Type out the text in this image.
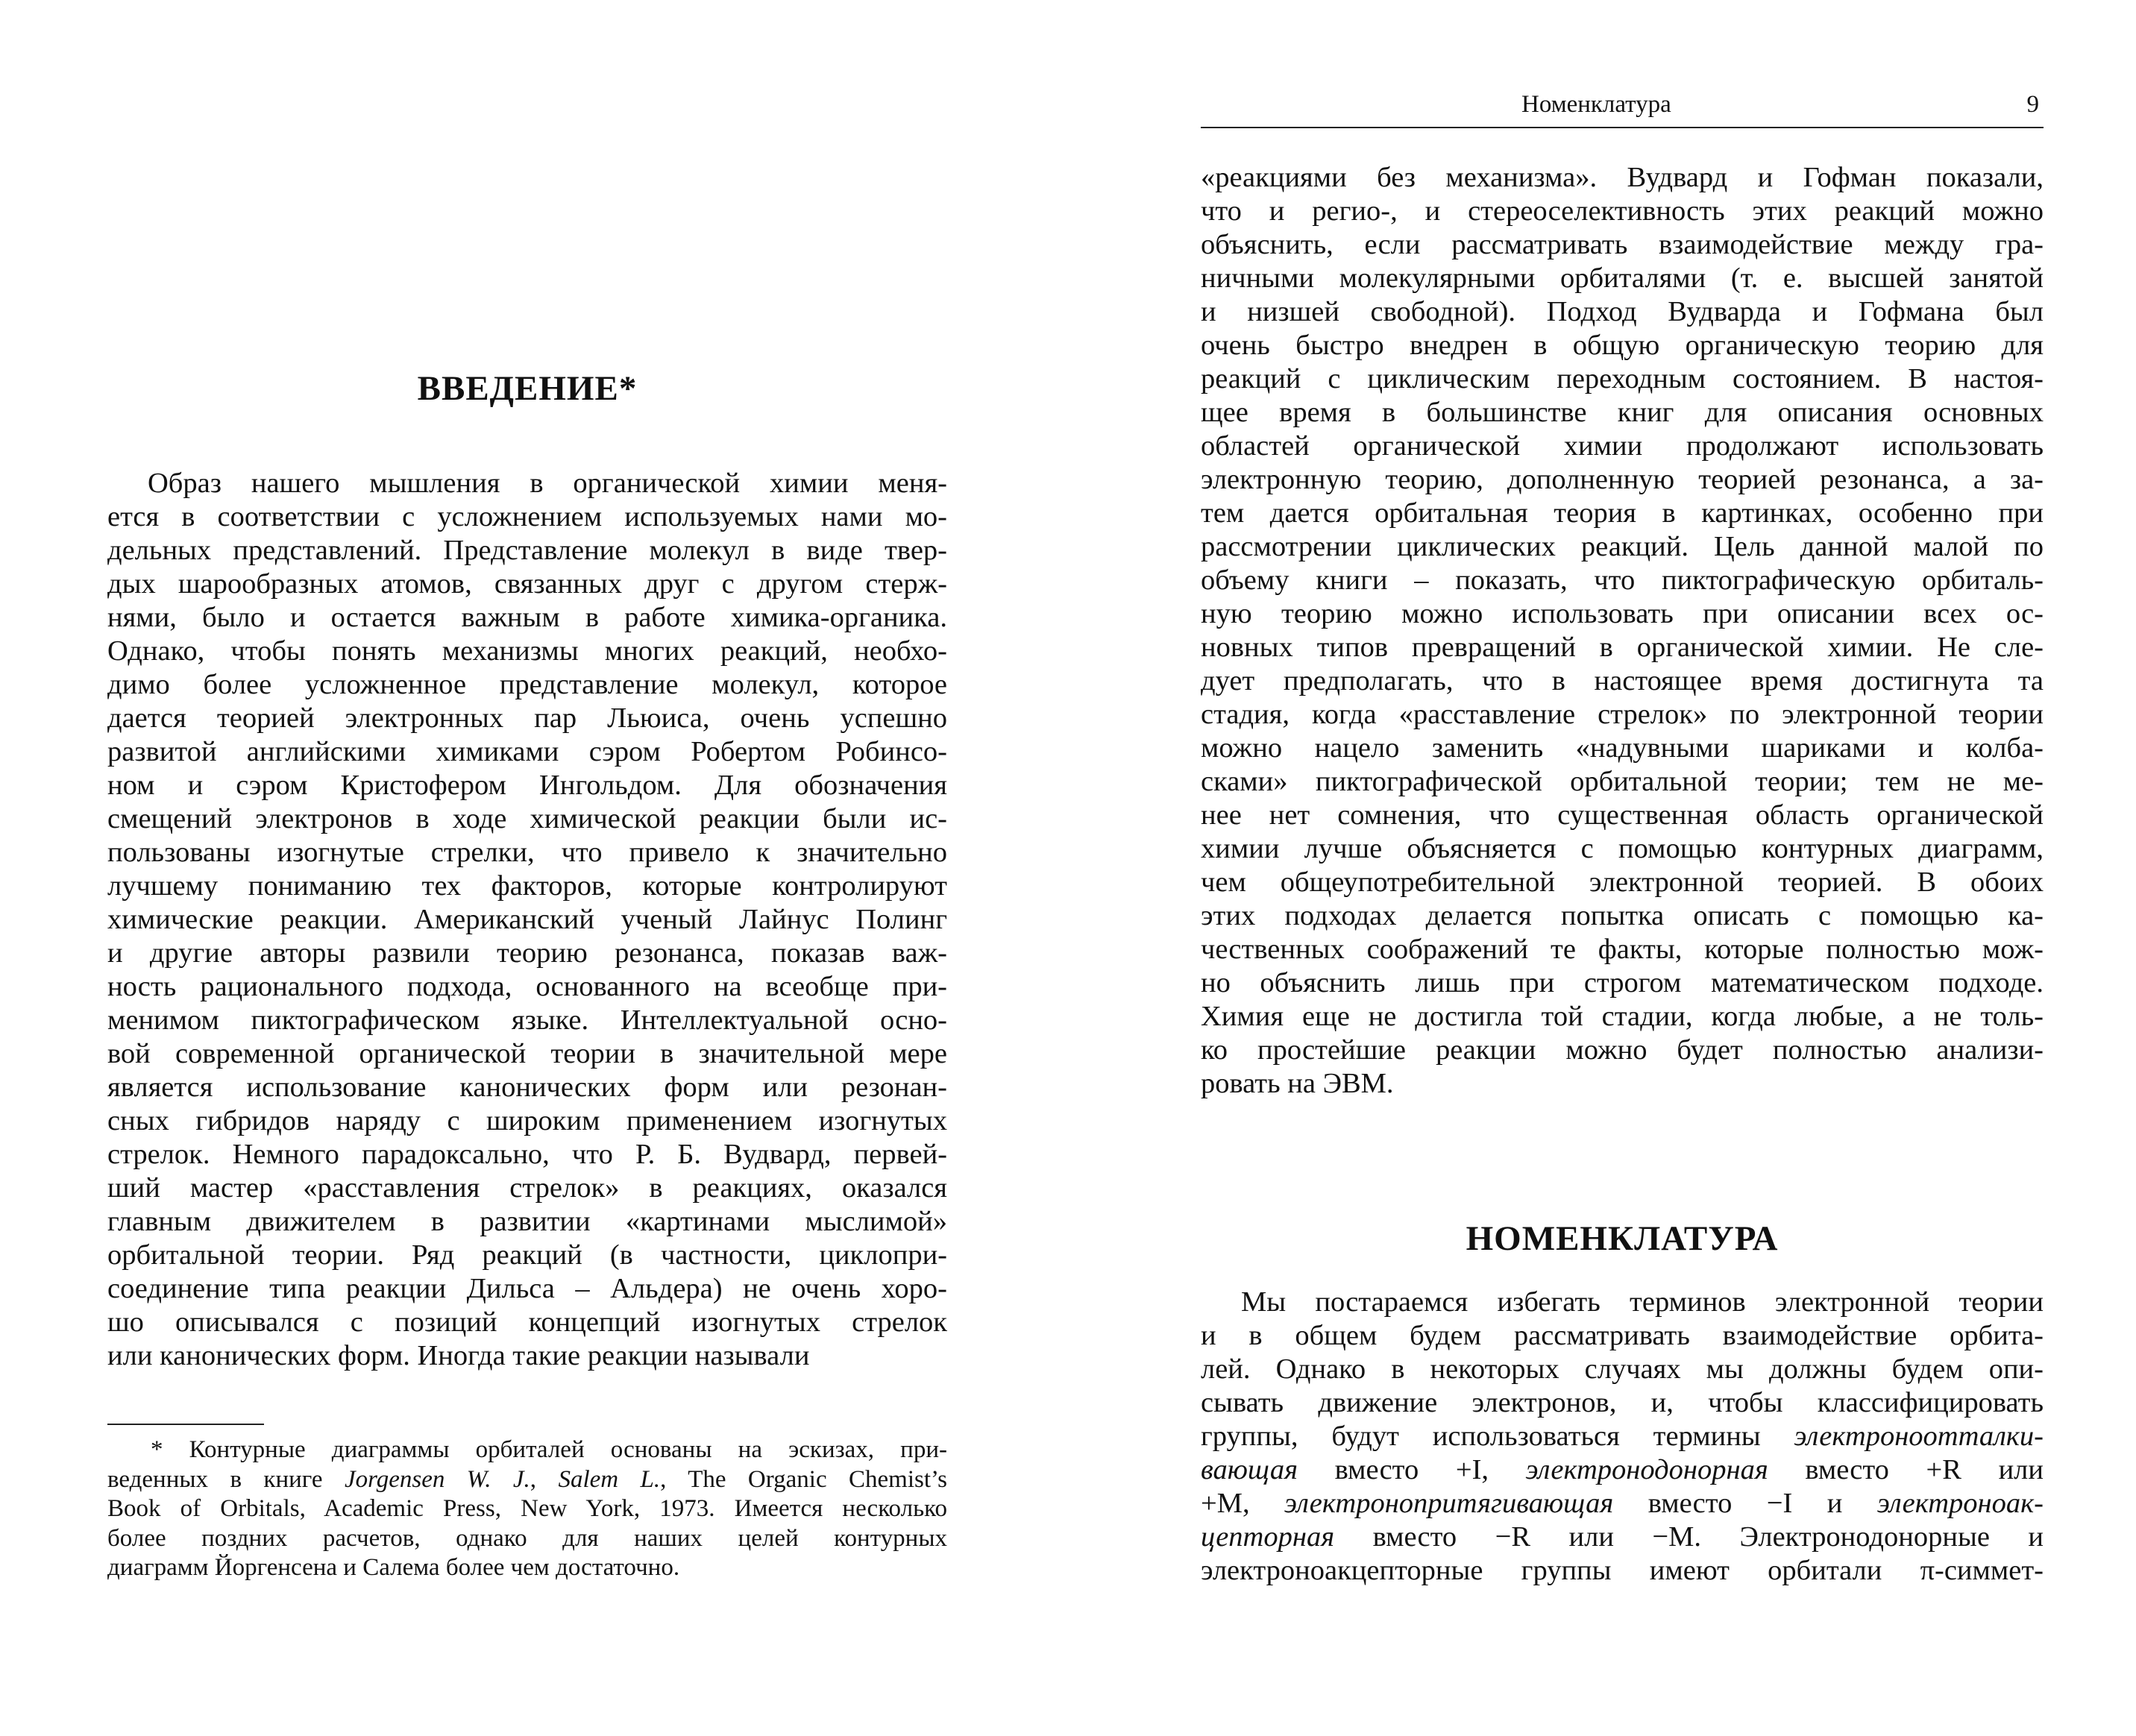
ВВЕДЕНИЕ*
Образ нашего мышления в органической химии меня-
ется в соответствии с усложнением используемых нами мо-
дельных представлений. Представление молекул в виде твер-
дых шарообразных атомов, связанных друг с другом стерж-
нями, было и остается важным в работе химика-органика.
Однако, чтобы понять механизмы многих реакций, необхо-
димо более усложненное представление молекул, которое
дается теорией электронных пар Льюиса, очень успешно
развитой английскими химиками сэром Робертом Робинсо-
ном и сэром Кристофером Ингольдом. Для обозначения
смещений электронов в ходе химической реакции были ис-
пользованы изогнутые стрелки, что привело к значительно
лучшему пониманию тех факторов, которые контролируют
химические реакции. Американский ученый Лайнус Полинг
и другие авторы развили теорию резонанса, показав важ-
ность рационального подхода, основанного на всеобще при-
менимом пиктографическом языке. Интеллектуальной осно-
вой современной органической теории в значительной мере
является использование канонических форм или резонан-
сных гибридов наряду с широким применением изогнутых
стрелок. Немного парадоксально, что Р. Б. Вудвард, первей-
ший мастер «расставления стрелок» в реакциях, оказался
главным движителем в развитии «картинами мыслимой»
орбитальной теории. Ряд реакций (в частности, циклопри-
соединение типа реакции Дильса – Альдера) не очень хоро-
шо описывался с позиций концепций изогнутых стрелок
или канонических форм. Иногда такие реакции называли
* Контурные диаграммы орбиталей основаны на эскизах, при-
веденных в книге Jorgensen W. J., Salem L., The Organic Chemist’s
Book of Orbitals, Academic Press, New York, 1973. Имеется несколько
более поздних расчетов, однако для наших целей контурных
диаграмм Йоргенсена и Салема более чем достаточно.
Номенклатура	9
«реакциями без механизма». Вудвард и Гофман показали,
что и регио-, и стереоселективность этих реакций можно
объяснить, если рассматривать взаимодействие между гра-
ничными молекулярными орбиталями (т. е. высшей занятой
и низшей свободной). Подход Вудварда и Гофмана был
очень быстро внедрен в общую органическую теорию для
реакций с циклическим переходным состоянием. В настоя-
щее время в большинстве книг для описания основных
областей органической химии продолжают использовать
электронную теорию, дополненную теорией резонанса, а за-
тем дается орбитальная теория в картинках, особенно при
рассмотрении циклических реакций. Цель данной малой по
объему книги – показать, что пиктографическую орбиталь-
ную теорию можно использовать при описании всех ос-
новных типов превращений в органической химии. Не сле-
дует предполагать, что в настоящее время достигнута та
стадия, когда «расставление стрелок» по электронной теории
можно нацело заменить «надувными шариками и колба-
сками» пиктографической орбитальной теории; тем не ме-
нее нет сомнения, что существенная область органической
химии лучше объясняется с помощью контурных диаграмм,
чем общеупотребительной электронной теорией. В обоих
этих подходах делается попытка описать с помощью ка-
чественных соображений те факты, которые полностью мож-
но объяснить лишь при строгом математическом подходе.
Химия еще не достигла той стадии, когда любые, а не толь-
ко простейшие реакции можно будет полностью анализи-
ровать на ЭВМ.
НОМЕНКЛАТУРА
Мы постараемся избегать терминов электронной теории
и в общем будем рассматривать взаимодействие орбита-
лей. Однако в некоторых случаях мы должны будем опи-
сывать движение электронов, и, чтобы классифицировать
группы, будут использоваться термины электроноотталки-
вающая вместо +I, электронодонорная вместо +R или
+M, электронопритягивающая вместо −I и электроноак-
цепторная вместо −R или −M. Электронодонорные и
электроноакцепторные группы имеют орбитали π-симмет-
